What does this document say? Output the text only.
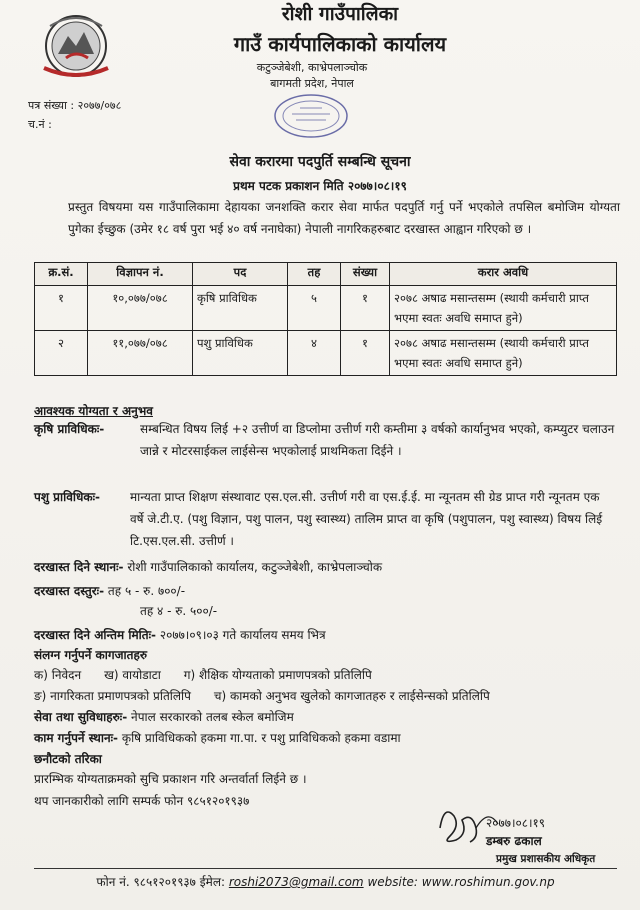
रोशी गाउँपालिका
गाउँ कार्यपालिकाको कार्यालय
कटुञ्जेबेशी, काभ्रेपलाञ्चोक
बागमती प्रदेश, नेपाल
पत्र संख्या : २०७७/०७८
च.नं :
सेवा करारमा पदपुर्ति सम्बन्धि सूचना
प्रथम पटक प्रकाशन मिति २०७७।०८।१९
प्रस्तुत विषयमा यस गाउँपालिकामा देहायका जनशक्ति करार सेवा मार्फत पदपुर्ति गर्नु पर्ने भएकोले तपसिल बमोजिम योग्यता पुगेका ईच्छुक (उमेर १८ वर्ष पुरा भई ४० वर्ष ननाघेका) नेपाली नागरिकहरुबाट दरखास्त आह्वान गरिएको छ ।
क्र.सं.	विज्ञापन नं.	पद	तह	संख्या	करार अवधि
१	१०,०७७/०७८	कृषि प्राविधिक	५	१	२०७८ अषाढ मसान्तसम्म (स्थायी कर्मचारी प्राप्त भएमा स्वतः अवधि समाप्त हुने)
२	११,०७७/०७८	पशु प्राविधिक	४	१	२०७८ अषाढ मसान्तसम्म (स्थायी कर्मचारी प्राप्त भएमा स्वतः अवधि समाप्त हुने)
आवश्यक योग्यता र अनुभव
कृषि प्राविधिकः-	सम्बन्धित विषय लिई +२ उत्तीर्ण वा डिप्लोमा उत्तीर्ण गरी कम्तीमा ३ वर्षको कार्यानुभव भएको, कम्प्युटर चलाउन जान्ने र मोटरसाईकल लाईसेन्स भएकोलाई प्राथमिकता दिईने ।
पशु प्राविधिकः-	मान्यता प्राप्त शिक्षण संस्थावाट एस.एल.सी. उत्तीर्ण गरी वा एस.ई.ई. मा न्यूनतम सी ग्रेड प्राप्त गरी न्यूनतम एक वर्षे जे.टी.ए. (पशु विज्ञान, पशु पालन, पशु स्वास्थ्य) तालिम प्राप्त वा कृषि (पशुपालन, पशु स्वास्थ्य) विषय लिई टि.एस.एल.सी. उत्तीर्ण ।
दरखास्त दिने स्थानः- रोशी गाउँपालिकाको कार्यालय, कटुञ्जेबेशी, काभ्रेपलाञ्चोक
दरखास्त दस्तुरः- तह ५ - रु. ७००/-
तह ४ - रु. ५००/-
दरखास्त दिने अन्तिम मितिः- २०७७।०९।०३ गते कार्यालय समय भित्र
संलग्न गर्नुपर्ने कागजातहरु
क) निवेदन      ख) वायोडाटा      ग) शैक्षिक योग्यताको प्रमाणपत्रको प्रतिलिपि
ङ) नागरिकता प्रमाणपत्रको प्रतिलिपि      च) कामको अनुभव खुलेको कागजातहरु र लाईसेन्सको प्रतिलिपि
सेवा तथा सुविधाहरुः- नेपाल सरकारको तलब स्केल बमोजिम
काम गर्नुपर्ने स्थानः- कृषि प्राविधिकको हकमा गा.पा. र पशु प्राविधिकको हकमा वडामा
छनौटको तरिका
प्रारम्भिक योग्यताक्रमको सुचि प्रकाशन गरि अन्तर्वार्ता लिईने छ ।
थप जानकारीको लागि सम्पर्क फोन ९८५१२०१९३७
२०७७।०८।१९
डम्बरु ढकाल
प्रमुख प्रशासकीय अधिकृत
फोन नं. ९८५१२०१९३७ ईमेल: roshi2073@gmail.com website: www.roshimun.gov.np
